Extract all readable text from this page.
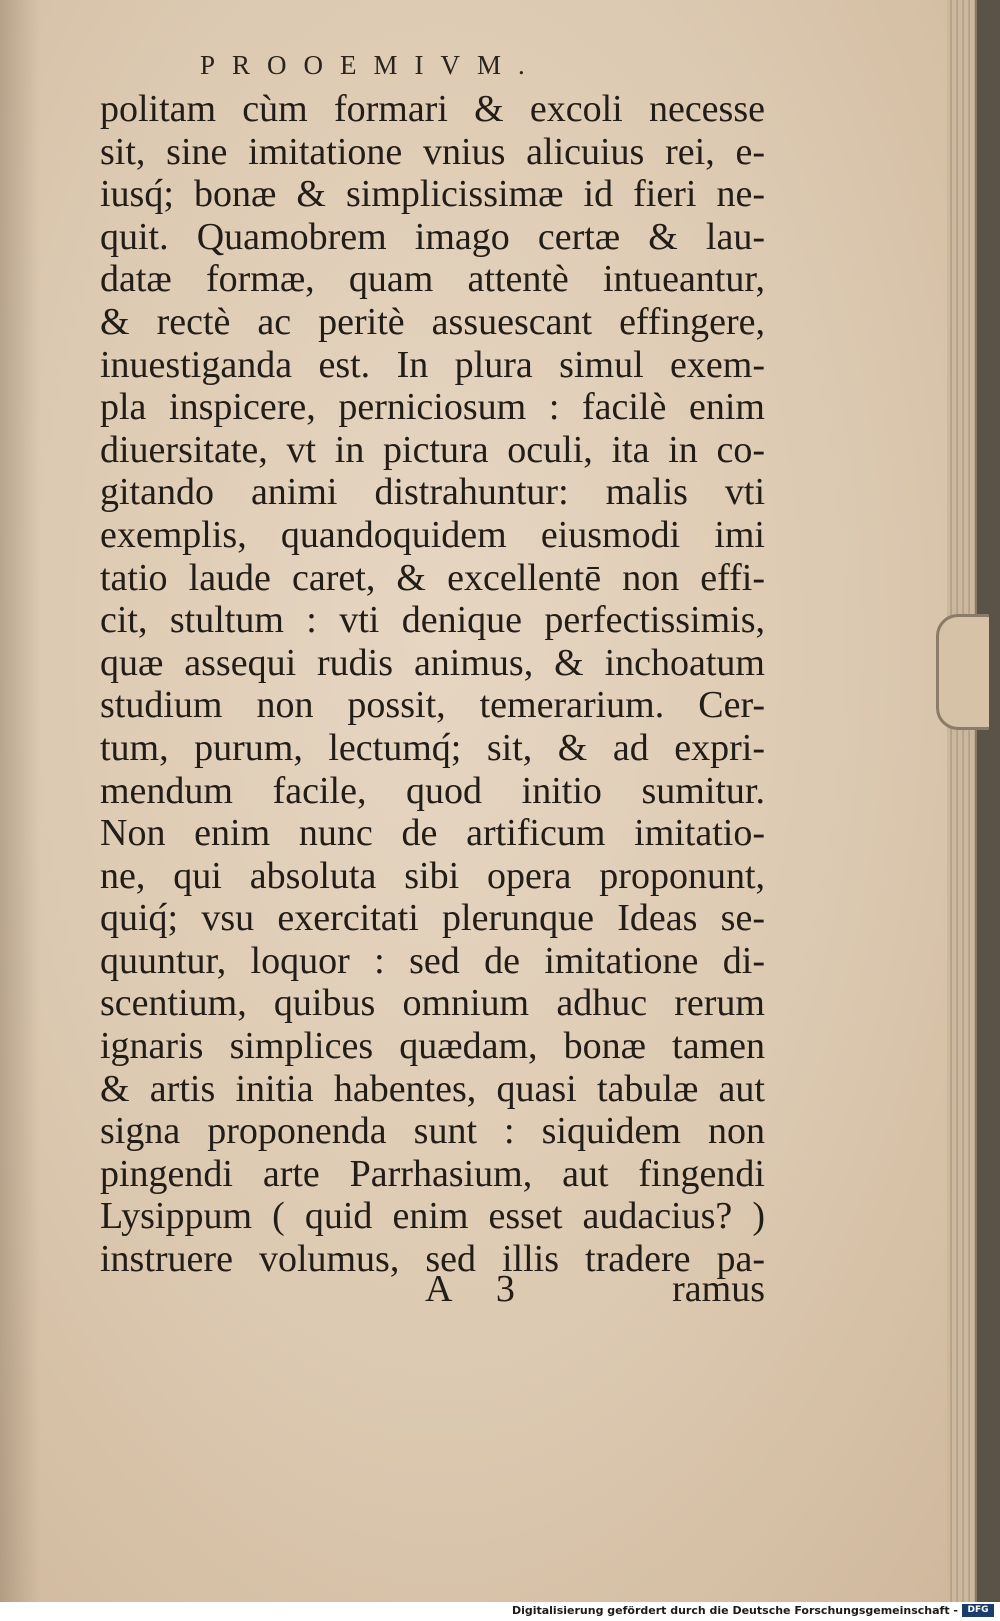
PROOEMIVM.
politam cùm formari & excoli necesse
sit, sine imitatione vnius alicuius rei, e-
iusq́; bonæ & simplicissimæ id fieri ne-
quit. Quamobrem imago certæ & lau-
datæ formæ, quam attentè intueantur,
& rectè ac peritè assuescant effingere,
inuestiganda est. In plura simul exem-
pla inspicere, perniciosum : facilè enim
diuersitate, vt in pictura oculi, ita in co-
gitando animi distrahuntur: malis vti
exemplis, quandoquidem eiusmodi imi
tatio laude caret, & excellentē non effi-
cit, stultum : vti denique perfectissimis,
quæ assequi rudis animus, & inchoatum
studium non possit, temerarium. Cer-
tum, purum, lectumq́; sit, & ad expri-
mendum facile, quod initio sumitur.
Non enim nunc de artificum imitatio-
ne, qui absoluta sibi opera proponunt,
quiq́; vsu exercitati plerunque Ideas se-
quuntur, loquor : sed de imitatione di-
scentium, quibus omnium adhuc rerum
ignaris simplices quædam, bonæ tamen
& artis initia habentes, quasi tabulæ aut
signa proponenda sunt : siquidem non
pingendi arte Parrhasium, aut fingendi
Lysippum ( quid enim esset audacius? )
instruere volumus, sed illis tradere pa-
A 3	ramus
Digitalisierung gefördert durch die Deutsche Forschungsgemeinschaft -	DFG
